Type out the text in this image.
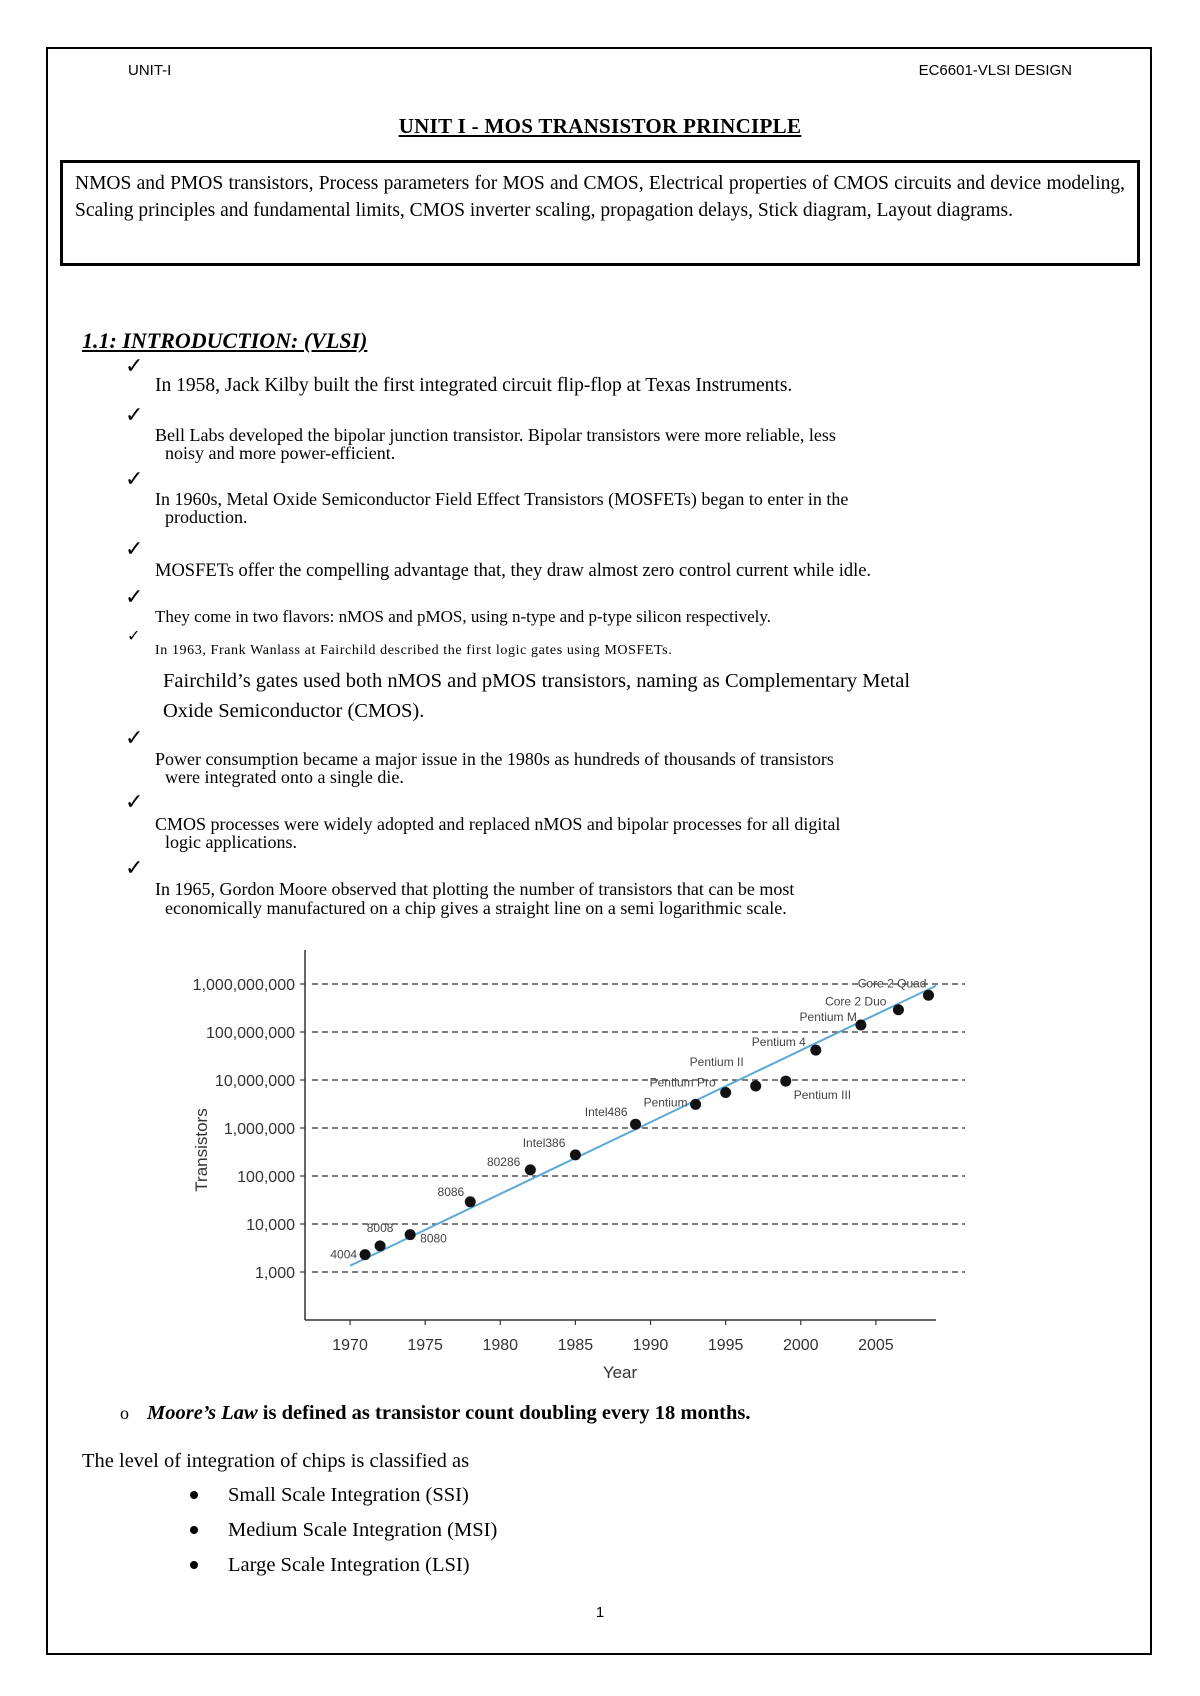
UNIT-I	EC6601-VLSI DESIGN
UNIT I - MOS TRANSISTOR PRINCIPLE
NMOS and PMOS transistors, Process parameters for MOS and CMOS, Electrical properties of CMOS circuits and device modeling, Scaling principles and fundamental limits, CMOS inverter scaling, propagation delays, Stick diagram, Layout diagrams.
1.1: INTRODUCTION: (VLSI)
✓
In 1958, Jack Kilby built the first integrated circuit flip-flop at Texas Instruments.
✓
Bell Labs developed the bipolar junction transistor. Bipolar transistors were more reliable, less
noisy and more power-efficient.
✓
In 1960s, Metal Oxide Semiconductor Field Effect Transistors (MOSFETs) began to enter in the
production.
✓
MOSFETs offer the compelling advantage that, they draw almost zero control current while idle.
✓
They come in two flavors: nMOS and pMOS, using n-type and p-type silicon respectively.
✓
In 1963, Frank Wanlass at Fairchild described the first logic gates using MOSFETs.
Fairchild’s gates used both nMOS and pMOS transistors, naming as Complementary Metal
Oxide Semiconductor (CMOS).
✓
Power consumption became a major issue in the 1980s as hundreds of thousands of transistors
were integrated onto a single die.
✓
CMOS processes were widely adopted and replaced nMOS and bipolar processes for all digital
logic applications.
✓
In 1965, Gordon Moore observed that plotting the number of transistors that can be most
economically manufactured on a chip gives a straight line on a semi logarithmic scale.
1,000
10,000
100,000
1,000,000
10,000,000
100,000,000
1,000,000,000
1970 1975 1980 1985 1990 1995 2000 2005
Year
Transistors
4004
8008
8080
8086
80286
Intel386
Intel486
Pentium
Pentium Pro
Pentium II
Pentium III
Pentium 4
Pentium M
Core 2 Duo
Core 2 Quad
o Moore’s Law is defined as transistor count doubling every 18 months.
The level of integration of chips is classified as
Small Scale Integration (SSI)
Medium Scale Integration (MSI)
Large Scale Integration (LSI)
1
